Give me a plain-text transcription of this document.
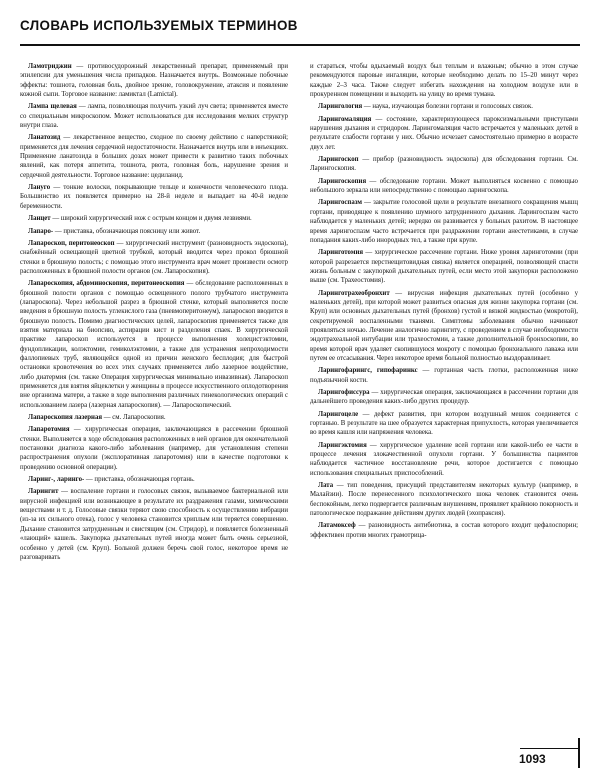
СЛОВАРЬ ИСПОЛЬЗУЕМЫХ ТЕРМИНОВ

Ламотриджин — противосудорожный лекарственный препарат, применяемый при эпилепсии для уменьшения числа припадков. Назначается внутрь. Возможные побочные эффекты: тошнота, головная боль, двойное зрение, головокружение, атаксия и появление кожной сыпи. Торговое название: ламиктал (Lamictal).

Лампа щелевая — лампа, позволяющая получить узкий луч света; применяется вместе со специальным микроскопом. Может использоваться для исследования мелких структур внутри глаза.

Ланатозид — лекарственное вещество, сходное по своему действию с наперстянкой; применяется для лечения сердечной недостаточности. Назначается внутрь или в инъекциях. Применение ланатозида в больших дозах может привести к развитию таких побочных явлений, как потеря аппетита, тошнота, рвота, головная боль, нарушение зрения и сердечной деятельности. Торговое название: цедиланид.

Лануго — тонкие волоски, покрывающие тельце и конечности человеческого плода. Большинство их появляется примерно на 28-й неделе и выпадает на 40-й неделе беременности.

Ланцет — широкий хирургический нож с острым концом и двумя лезвиями.

Лапаро- — приставка, обозначающая поясницу или живот.

Лапароскоп, перитонеоскоп — хирургический инструмент (разновидность эндоскопа), снабжённый освещающей цветной трубкой, который вводится через прокол брюшной стенки в брюшную полость; с помощью этого инструмента врач может произвести осмотр расположенных в брюшной полости органов (см. Лапароскопия).

Лапароскопия, абдоминоскопия, перитонеоскопия — обследование расположенных в брюшной полости органов с помощью освещенного полого трубчатого инструмента (лапароскопа). Через небольшой разрез в брюшной стенке, который выполняется после введения в брюшную полость углекислого газа (пневмоперитонеум), лапароскоп вводится в брюшную полость. Помимо диагностических целей, лапароскопия применяется также для взятия материала на биопсию, аспирации кист и разделения спаек. В хирургической практике лапароскоп используется в процессе выполнения холецистэктомии, фундопликации, колэктомии, гемиколэктомии, а также для устранения непроходимости фаллопиевых труб, являющейся одной из причин женского бесплодия; для быстрой остановки кровотечения во всех этих случаях применяется либо лазерное воздействие, либо диатермия (см. также Операция хирургическая минимально инвазивная). Лапароскоп применяется для взятия яйцеклетки у женщины в процессе искусственного оплодотворения вне организма матери, а также в ходе выполнения различных гинекологических операций с использованием лазера (лазерная лапароскопия). — Лапароскопический.

Лапароскопия лазерная — см. Лапароскопия.

Лапаротомия — хирургическая операция, заключающаяся в рассечении брюшной стенки. Выполняется в ходе обследования расположенных в ней органов для окончательной постановки диагноза какого-либо заболевания (например, для установления степени распространения опухоли (эксплоративная лапаротомия) или в качестве подготовки к проведению основной операции).

Ларинг-, ларинго- — приставка, обозначающая гортань.

Ларингит — воспаление гортани и голосовых связок, вызываемое бактериальной или вирусной инфекцией или возникающее в результате их раздражения газами, химическими веществами и т. д. Голосовые связки теряют свою способность к осуществлению вибрации (из-за их сильного отека), голос у человека становится хриплым или теряется совершенно. Дыхание становится затрудненным и свистящим (см. Стридор), и появляется болезненный «лающий» кашель. Закупорка дыхательных путей иногда может быть очень серьезной, особенно у детей (см. Круп). Больной должен беречь свой голос, некоторое время не разговаривать

и стараться, чтобы вдыхаемый воздух был теплым и влажным; обычно в этом случае рекомендуются паровые ингаляции, которые необходимо делать по 15–20 минут через каждые 2–3 часа. Также следует избегать нахождения на холодном воздухе или в прокуренном помещении и выходить на улицу во время тумана.

Ларингология — наука, изучающая болезни гортани и голосовых связок.

Ларингомаляция — состояние, характеризующееся пароксизмальными приступами нарушения дыхания и стридором. Ларингомаляция часто встречается у маленьких детей в результате слабости гортани у них. Обычно исчезает самостоятельно примерно в возрасте двух лет.

Ларингоскоп — прибор (разновидность эндоскопа) для обследования гортани. См. Ларингоскопия.

Ларингоскопия — обследование гортани. Может выполняться косвенно с помощью небольшого зеркала или непосредственно с помощью ларингоскопа.

Ларингоспазм — закрытие голосовой щели в результате внезапного сокращения мышц гортани, приводящее к появлению шумного затрудненного дыхания. Ларингоспазм часто наблюдается у маленьких детей; нередко он развивается у больных рахитом. В настоящее время ларингоспазм часто встречается при раздражении гортани анестетиками, в случае попадания каких-либо инородных тел, а также при крупе.

Ларинготомия — хирургическое рассечение гортани. Ниже уровня ларинготомии (при которой разрезается перстнещитовидная связка) является операцией, позволяющей спасти жизнь больным с закупоркой дыхательных путей, если место этой закупорки расположено выше (см. Трахеостомия).

Ларинготрахеобронхит — вирусная инфекция дыхательных путей (особенно у маленьких детей), при которой может развиться опасная для жизни закупорка гортани (см. Круп) или основных дыхательных путей (бронхов) густой и вязкой жидкостью (мокротой), секретируемой воспаленными тканями. Симптомы заболевания обычно начинают проявляться ночью. Лечение аналогично ларингиту, с проведением в случае необходимости эндотрахеальной интубации или трахеостомии, а также дополнительной бронхоскопии, во время которой врач удаляет скопившуюся мокроту с помощью бронхиального лаважа или путем ее отсасывания. Через некоторое время больной полностью выздоравливает.

Ларингофарингс, гипофаринкс — гортанная часть глотки, расположенная ниже подъязычной кости.

Ларингофиссура — хирургическая операция, заключающаяся в рассечении гортани для дальнейшего проведения каких-либо других процедур.

Ларингоцеле — дефект развития, при котором воздушный мешок соединяется с гортанью. В результате на шее образуется характерная припухлость, которая увеличивается во время кашля или напряжения человека.

Ларингэктомия — хирургическое удаление всей гортани или какой-либо ее части в процессе лечения злокачественной опухоли гортани. У большинства пациентов наблюдается частичное восстановление речи, которое достигается с помощью использования специальных приспособлений.

Лата — тип поведения, присущий представителям некоторых культур (например, в Малайзии). После перенесенного психологического шока человек становится очень беспокойным, легко подвергается различным внушениям, проявляет крайнюю покорность и патологическое подражание действиям других людей (эхопраксия).

Латамоксеф — разновидность антибиотика, в состав которого входит цефалоспорин; эффективен против многих грамотрица-

1093
